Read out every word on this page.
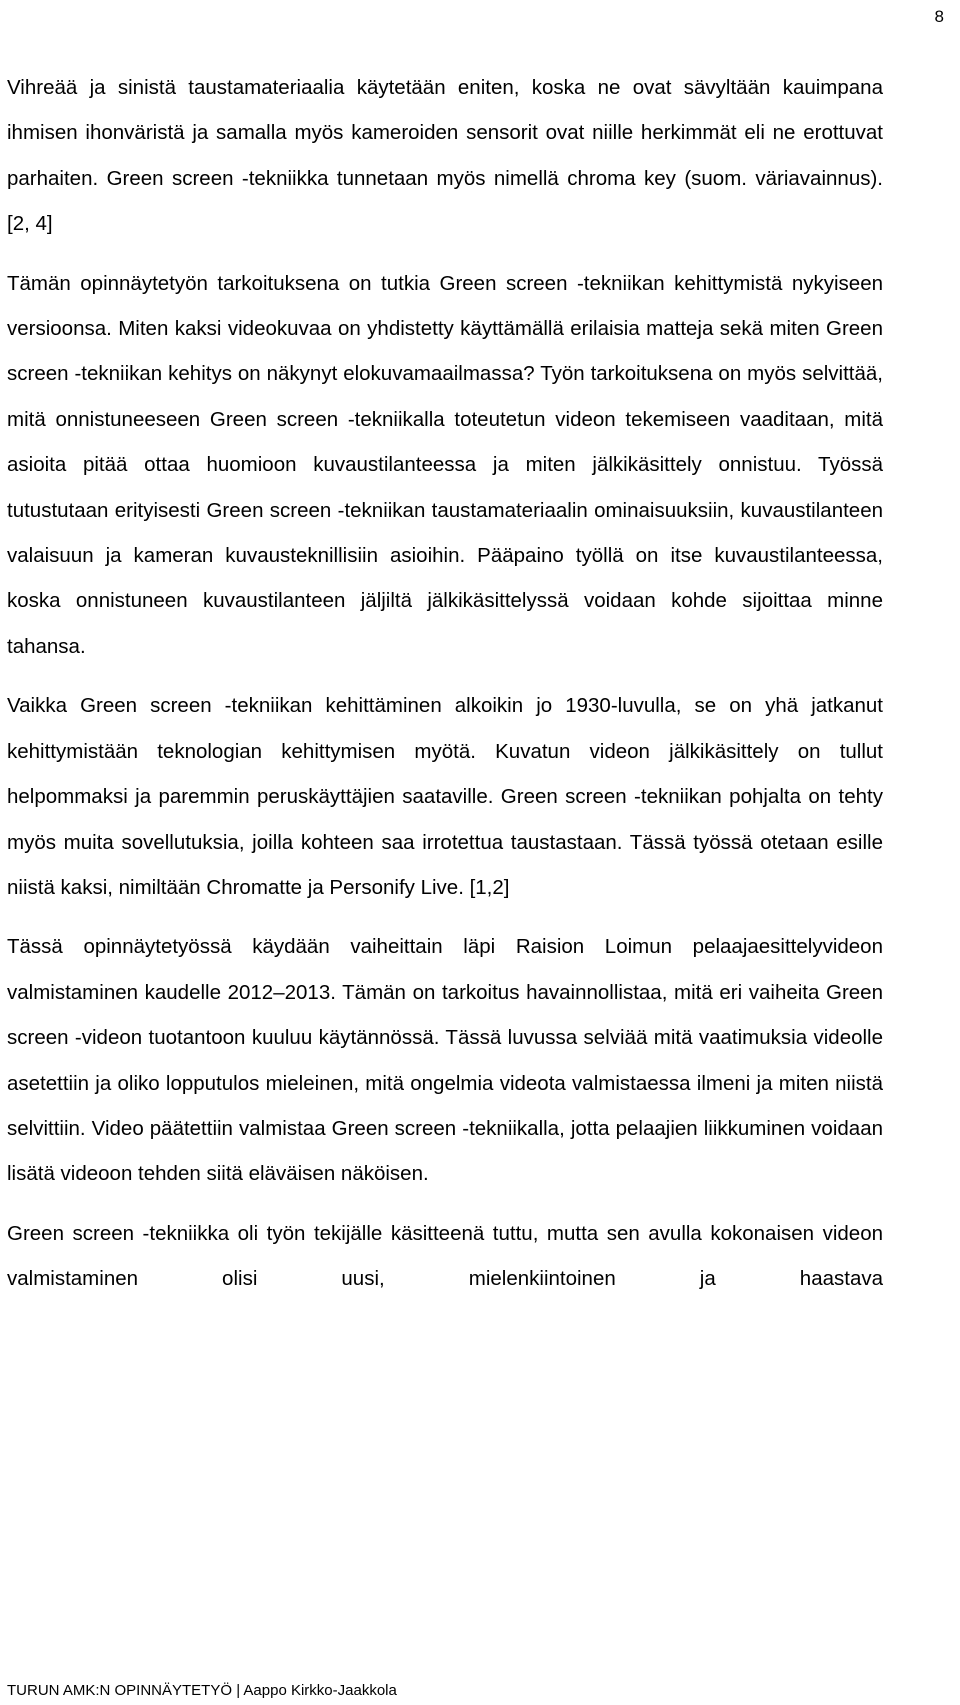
8

Vihreää ja sinistä taustamateriaalia käytetään eniten, koska ne ovat sävyltään kauimpana ihmisen ihonväristä ja samalla myös kameroiden sensorit ovat niille herkimmät eli ne erottuvat parhaiten. Green screen -tekniikka tunnetaan myös nimellä chroma key (suom. väriavainnus). [2, 4]

Tämän opinnäytetyön tarkoituksena on tutkia Green screen -tekniikan kehittymistä nykyiseen versioonsa. Miten kaksi videokuvaa on yhdistetty käyttämällä erilaisia matteja sekä miten Green screen -tekniikan kehitys on näkynyt elokuvamaailmassa? Työn tarkoituksena on myös selvittää, mitä onnistuneeseen Green screen -tekniikalla toteutetun videon tekemiseen vaaditaan, mitä asioita pitää ottaa huomioon kuvaustilanteessa ja miten jälkikäsittely onnistuu. Työssä tutustutaan erityisesti Green screen -tekniikan taustamateriaalin ominaisuuksiin, kuvaustilanteen valaisuun ja kameran kuvausteknillisiin asioihin. Pääpaino työllä on itse kuvaustilanteessa, koska onnistuneen kuvaustilanteen jäljiltä jälkikäsittelyssä voidaan kohde sijoittaa minne tahansa.

Vaikka Green screen -tekniikan kehittäminen alkoikin jo 1930-luvulla, se on yhä jatkanut kehittymistään teknologian kehittymisen myötä. Kuvatun videon jälkikäsittely on tullut helpommaksi ja paremmin peruskäyttäjien saataville. Green screen -tekniikan pohjalta on tehty myös muita sovellutuksia, joilla kohteen saa irrotettua taustastaan. Tässä työssä otetaan esille niistä kaksi, nimiltään Chromatte ja Personify Live. [1,2]

Tässä opinnäytetyössä käydään vaiheittain läpi Raision Loimun pelaajaesittelyvideon valmistaminen kaudelle 2012–2013. Tämän on tarkoitus havainnollistaa, mitä eri vaiheita Green screen -videon tuotantoon kuuluu käytännössä. Tässä luvussa selviää mitä vaatimuksia videolle asetettiin ja oliko lopputulos mieleinen, mitä ongelmia videota valmistaessa ilmeni ja miten niistä selvittiin. Video päätettiin valmistaa Green screen -tekniikalla, jotta pelaajien liikkuminen voidaan lisätä videoon tehden siitä eläväisen näköisen.

Green screen -tekniikka oli työn tekijälle käsitteenä tuttu, mutta sen avulla kokonaisen videon valmistaminen olisi uusi, mielenkiintoinen ja haastava

TURUN AMK:N OPINNÄYTETYÖ | Aappo Kirkko-Jaakkola
